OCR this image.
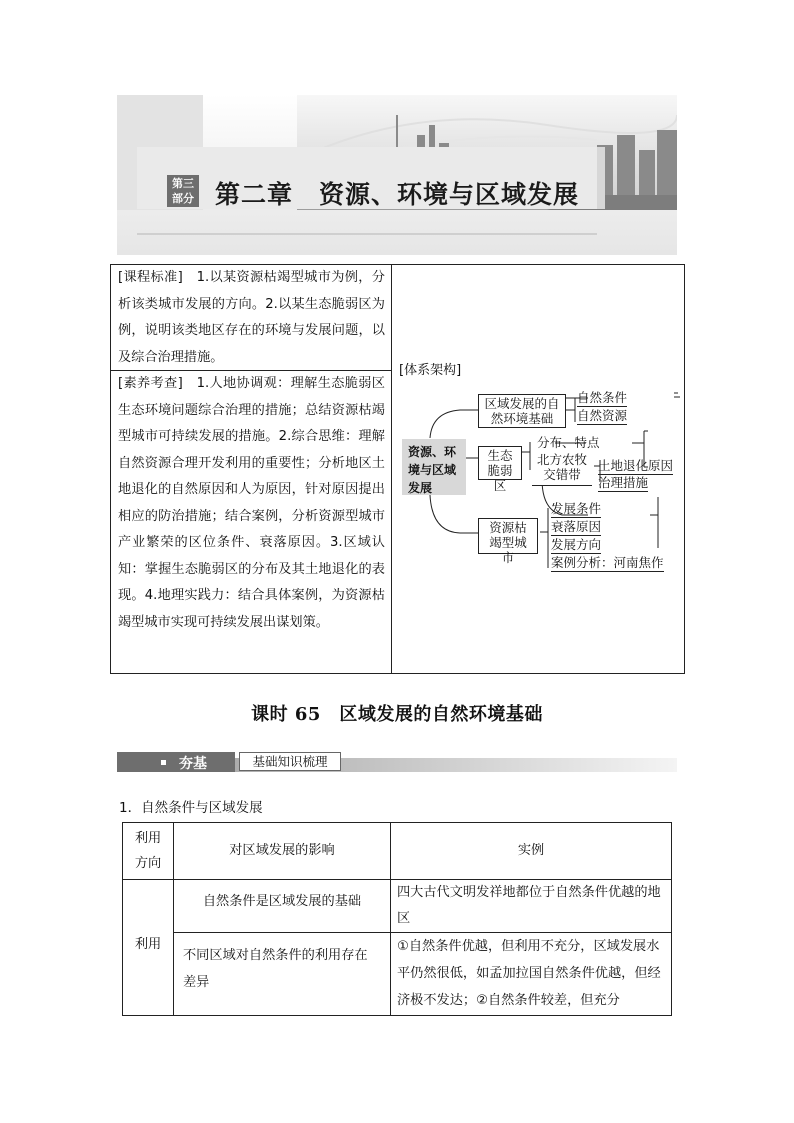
第三
部分 第二章　资源、环境与区域发展
[课程标准]　1.以某资源枯竭型城市为例，分析该类城市发展的方向。2.以某生态脆弱区为例，说明该类地区存在的环境与发展问题，以及综合治理措施。
[素养考查]　1.人地协调观：理解生态脆弱区生态环境问题综合治理的措施；总结资源枯竭型城市可持续发展的措施。2.综合思维：理解自然资源合理开发利用的重要性；分析地区土地退化的自然原因和人为原因，针对原因提出相应的防治措施；结合案例，分析资源型城市产业繁荣的区位条件、衰落原因。3.区域认知：掌握生态脆弱区的分布及其土地退化的表现。4.地理实践力：结合具体案例，为资源枯竭型城市实现可持续发展出谋划策。
[体系架构]
资源、环境与区域发展
区域发展的自然环境基础
自然条件
自然资源
生态脆弱区
分布、特点
北方农牧交错带
土地退化原因
治理措施
资源枯竭型城市
发展条件
衰落原因
发展方向
案例分析：河南焦作
课时 65　区域发展的自然环境基础
夯基	基础知识梳理
1．自然条件与区域发展
利用方向
对区域发展的影响	实例
利用
自然条件是区域发展的基础
四大古代文明发祥地都位于自然条件优越的地区
不同区域对自然条件的利用存在差异
①自然条件优越，但利用不充分，区域发展水平仍然很低，如孟加拉国自然条件优越，但经济极不发达；②自然条件较差，但充分
